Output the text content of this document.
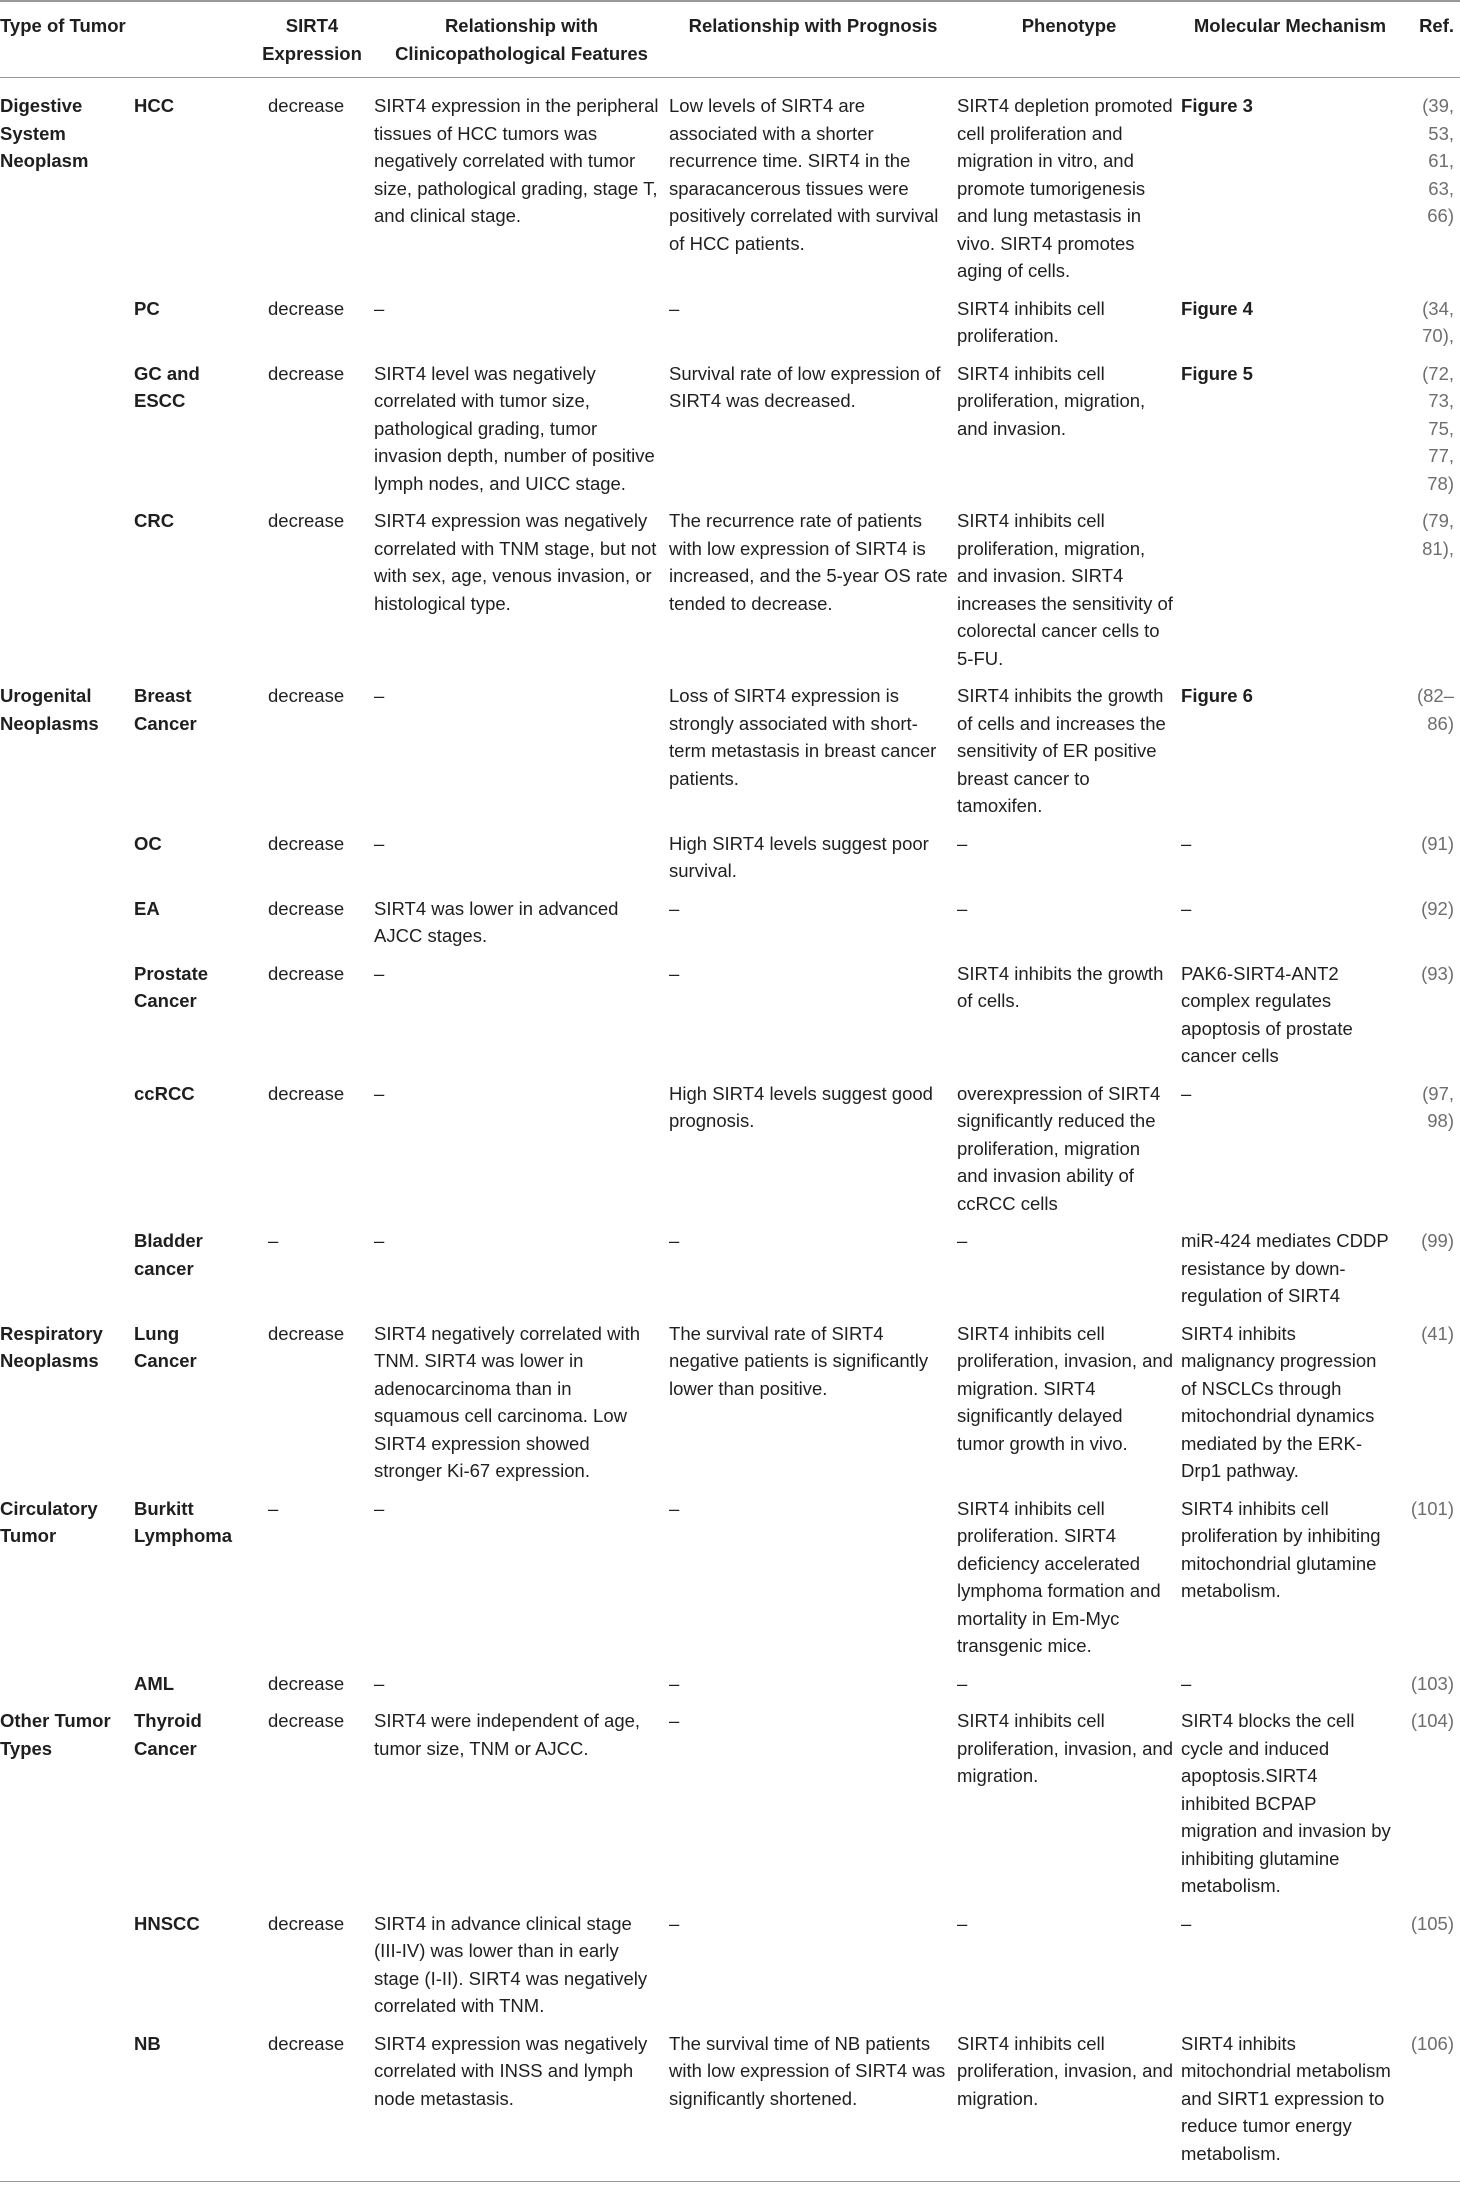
Type of Tumor		SIRT4 Expression	Relationship with Clinicopathological Features	Relationship with Prognosis	Phenotype	Molecular Mechanism	Ref.
Digestive System Neoplasm	HCC	decrease	SIRT4 expression in the peripheral tissues of HCC tumors was negatively correlated with tumor size, pathological grading, stage T, and clinical stage.	Low levels of SIRT4 are associated with a shorter recurrence time. SIRT4 in the sparacancerous tissues were positively correlated with survival of HCC patients.	SIRT4 depletion promoted cell proliferation and migration in vitro, and promote tumorigenesis and lung metastasis in vivo. SIRT4 promotes aging of cells.	Figure 3	(39, 53, 61, 63, 66)
	PC	decrease	–	–	SIRT4 inhibits cell proliferation.	Figure 4	(34, 70),
	GC and ESCC	decrease	SIRT4 level was negatively correlated with tumor size, pathological grading, tumor invasion depth, number of positive lymph nodes, and UICC stage.	Survival rate of low expression of SIRT4 was decreased.	SIRT4 inhibits cell proliferation, migration, and invasion.	Figure 5	(72, 73, 75, 77, 78)
	CRC	decrease	SIRT4 expression was negatively correlated with TNM stage, but not with sex, age, venous invasion, or histological type.	The recurrence rate of patients with low expression of SIRT4 is increased, and the 5-year OS rate tended to decrease.	SIRT4 inhibits cell proliferation, migration, and invasion. SIRT4 increases the sensitivity of colorectal cancer cells to 5-FU.		(79, 81),
Urogenital Neoplasms	Breast Cancer	decrease	–	Loss of SIRT4 expression is strongly associated with short-term metastasis in breast cancer patients.	SIRT4 inhibits the growth of cells and increases the sensitivity of ER positive breast cancer to tamoxifen.	Figure 6	(82–86)
	OC	decrease	–	High SIRT4 levels suggest poor survival.	–	–	(91)
	EA	decrease	SIRT4 was lower in advanced AJCC stages.	–	–	–	(92)
	Prostate Cancer	decrease	–	–	SIRT4 inhibits the growth of cells.	PAK6-SIRT4-ANT2 complex regulates apoptosis of prostate cancer cells	(93)
	ccRCC	decrease	–	High SIRT4 levels suggest good prognosis.	overexpression of SIRT4 significantly reduced the proliferation, migration and invasion ability of ccRCC cells	–	(97, 98)
	Bladder cancer	–	–	–	–	miR-424 mediates CDDP resistance by down-regulation of SIRT4	(99)
Respiratory Neoplasms	Lung Cancer	decrease	SIRT4 negatively correlated with TNM. SIRT4 was lower in adenocarcinoma than in squamous cell carcinoma. Low SIRT4 expression showed stronger Ki-67 expression.	The survival rate of SIRT4 negative patients is significantly lower than positive.	SIRT4 inhibits cell proliferation, invasion, and migration. SIRT4 significantly delayed tumor growth in vivo.	SIRT4 inhibits malignancy progression of NSCLCs through mitochondrial dynamics mediated by the ERK-Drp1 pathway.	(41)
Circulatory Tumor	Burkitt Lymphoma	–	–	–	SIRT4 inhibits cell proliferation. SIRT4 deficiency accelerated lymphoma formation and mortality in Em-Myc transgenic mice.	SIRT4 inhibits cell proliferation by inhibiting mitochondrial glutamine metabolism.	(101)
	AML	decrease	–	–	–	–	(103)
Other Tumor Types	Thyroid Cancer	decrease	SIRT4 were independent of age, tumor size, TNM or AJCC.	–	SIRT4 inhibits cell proliferation, invasion, and migration.	SIRT4 blocks the cell cycle and induced apoptosis.SIRT4 inhibited BCPAP migration and invasion by inhibiting glutamine metabolism.	(104)
	HNSCC	decrease	SIRT4 in advance clinical stage (III-IV) was lower than in early stage (I-II). SIRT4 was negatively correlated with TNM.	–	–	–	(105)
	NB	decrease	SIRT4 expression was negatively correlated with INSS and lymph node metastasis.	The survival time of NB patients with low expression of SIRT4 was significantly shortened.	SIRT4 inhibits cell proliferation, invasion, and migration.	SIRT4 inhibits mitochondrial metabolism and SIRT1 expression to reduce tumor energy metabolism.	(106)
